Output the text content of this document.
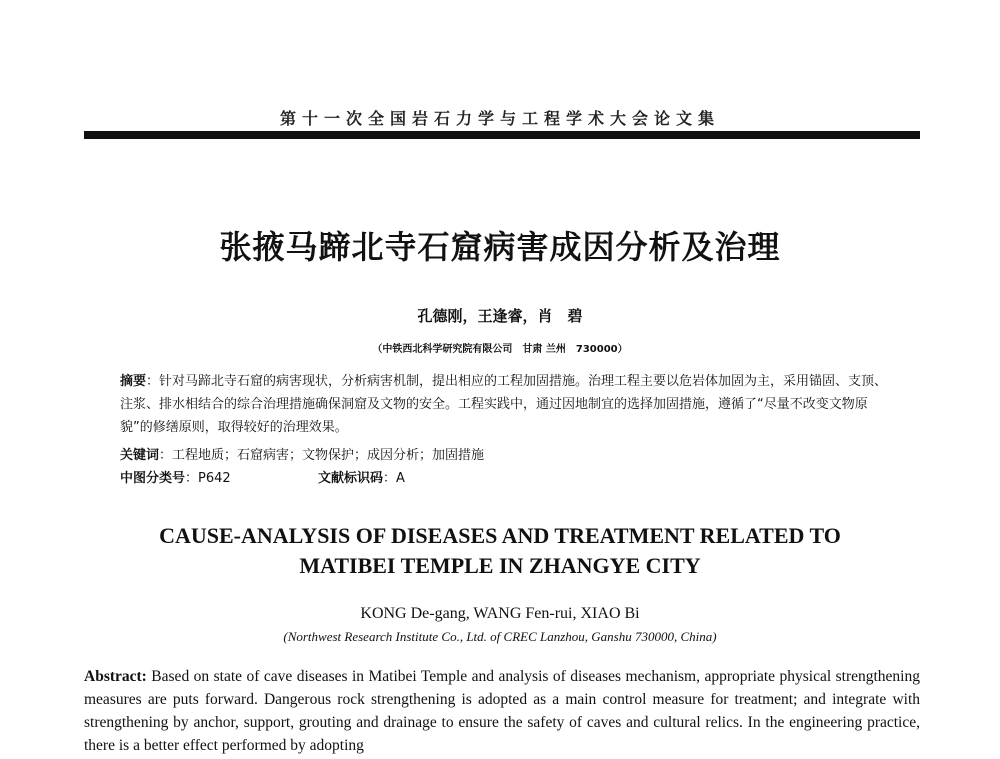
第十一次全国岩石力学与工程学术大会论文集
张掖马蹄北寺石窟病害成因分析及治理
孔德刚，王逢睿，肖　碧
（中铁西北科学研究院有限公司　甘肃 兰州　730000）
摘要：针对马蹄北寺石窟的病害现状，分析病害机制，提出相应的工程加固措施。治理工程主要以危岩体加固为主，采用锚固、支顶、注浆、排水相结合的综合治理措施确保洞窟及文物的安全。工程实践中，通过因地制宜的选择加固措施，遵循了“尽量不改变文物原貌”的修缮原则，取得较好的治理效果。
关键词：工程地质；石窟病害；文物保护；成因分析；加固措施
中图分类号：P642	文献标识码：A
CAUSE-ANALYSIS OF DISEASES AND TREATMENT RELATED TO
MATIBEI TEMPLE IN ZHANGYE CITY
KONG De-gang, WANG Fen-rui, XIAO Bi
(Northwest Research Institute Co., Ltd. of CREC Lanzhou, Ganshu 730000, China)
Abstract: Based on state of cave diseases in Matibei Temple and analysis of diseases mechanism, appropriate physical strengthening measures are puts forward. Dangerous rock strengthening is adopted as a main control measure for treatment; and integrate with strengthening by anchor, support, grouting and drainage to ensure the safety of caves and cultural relics. In the engineering practice, there is a better effect performed by adopting
